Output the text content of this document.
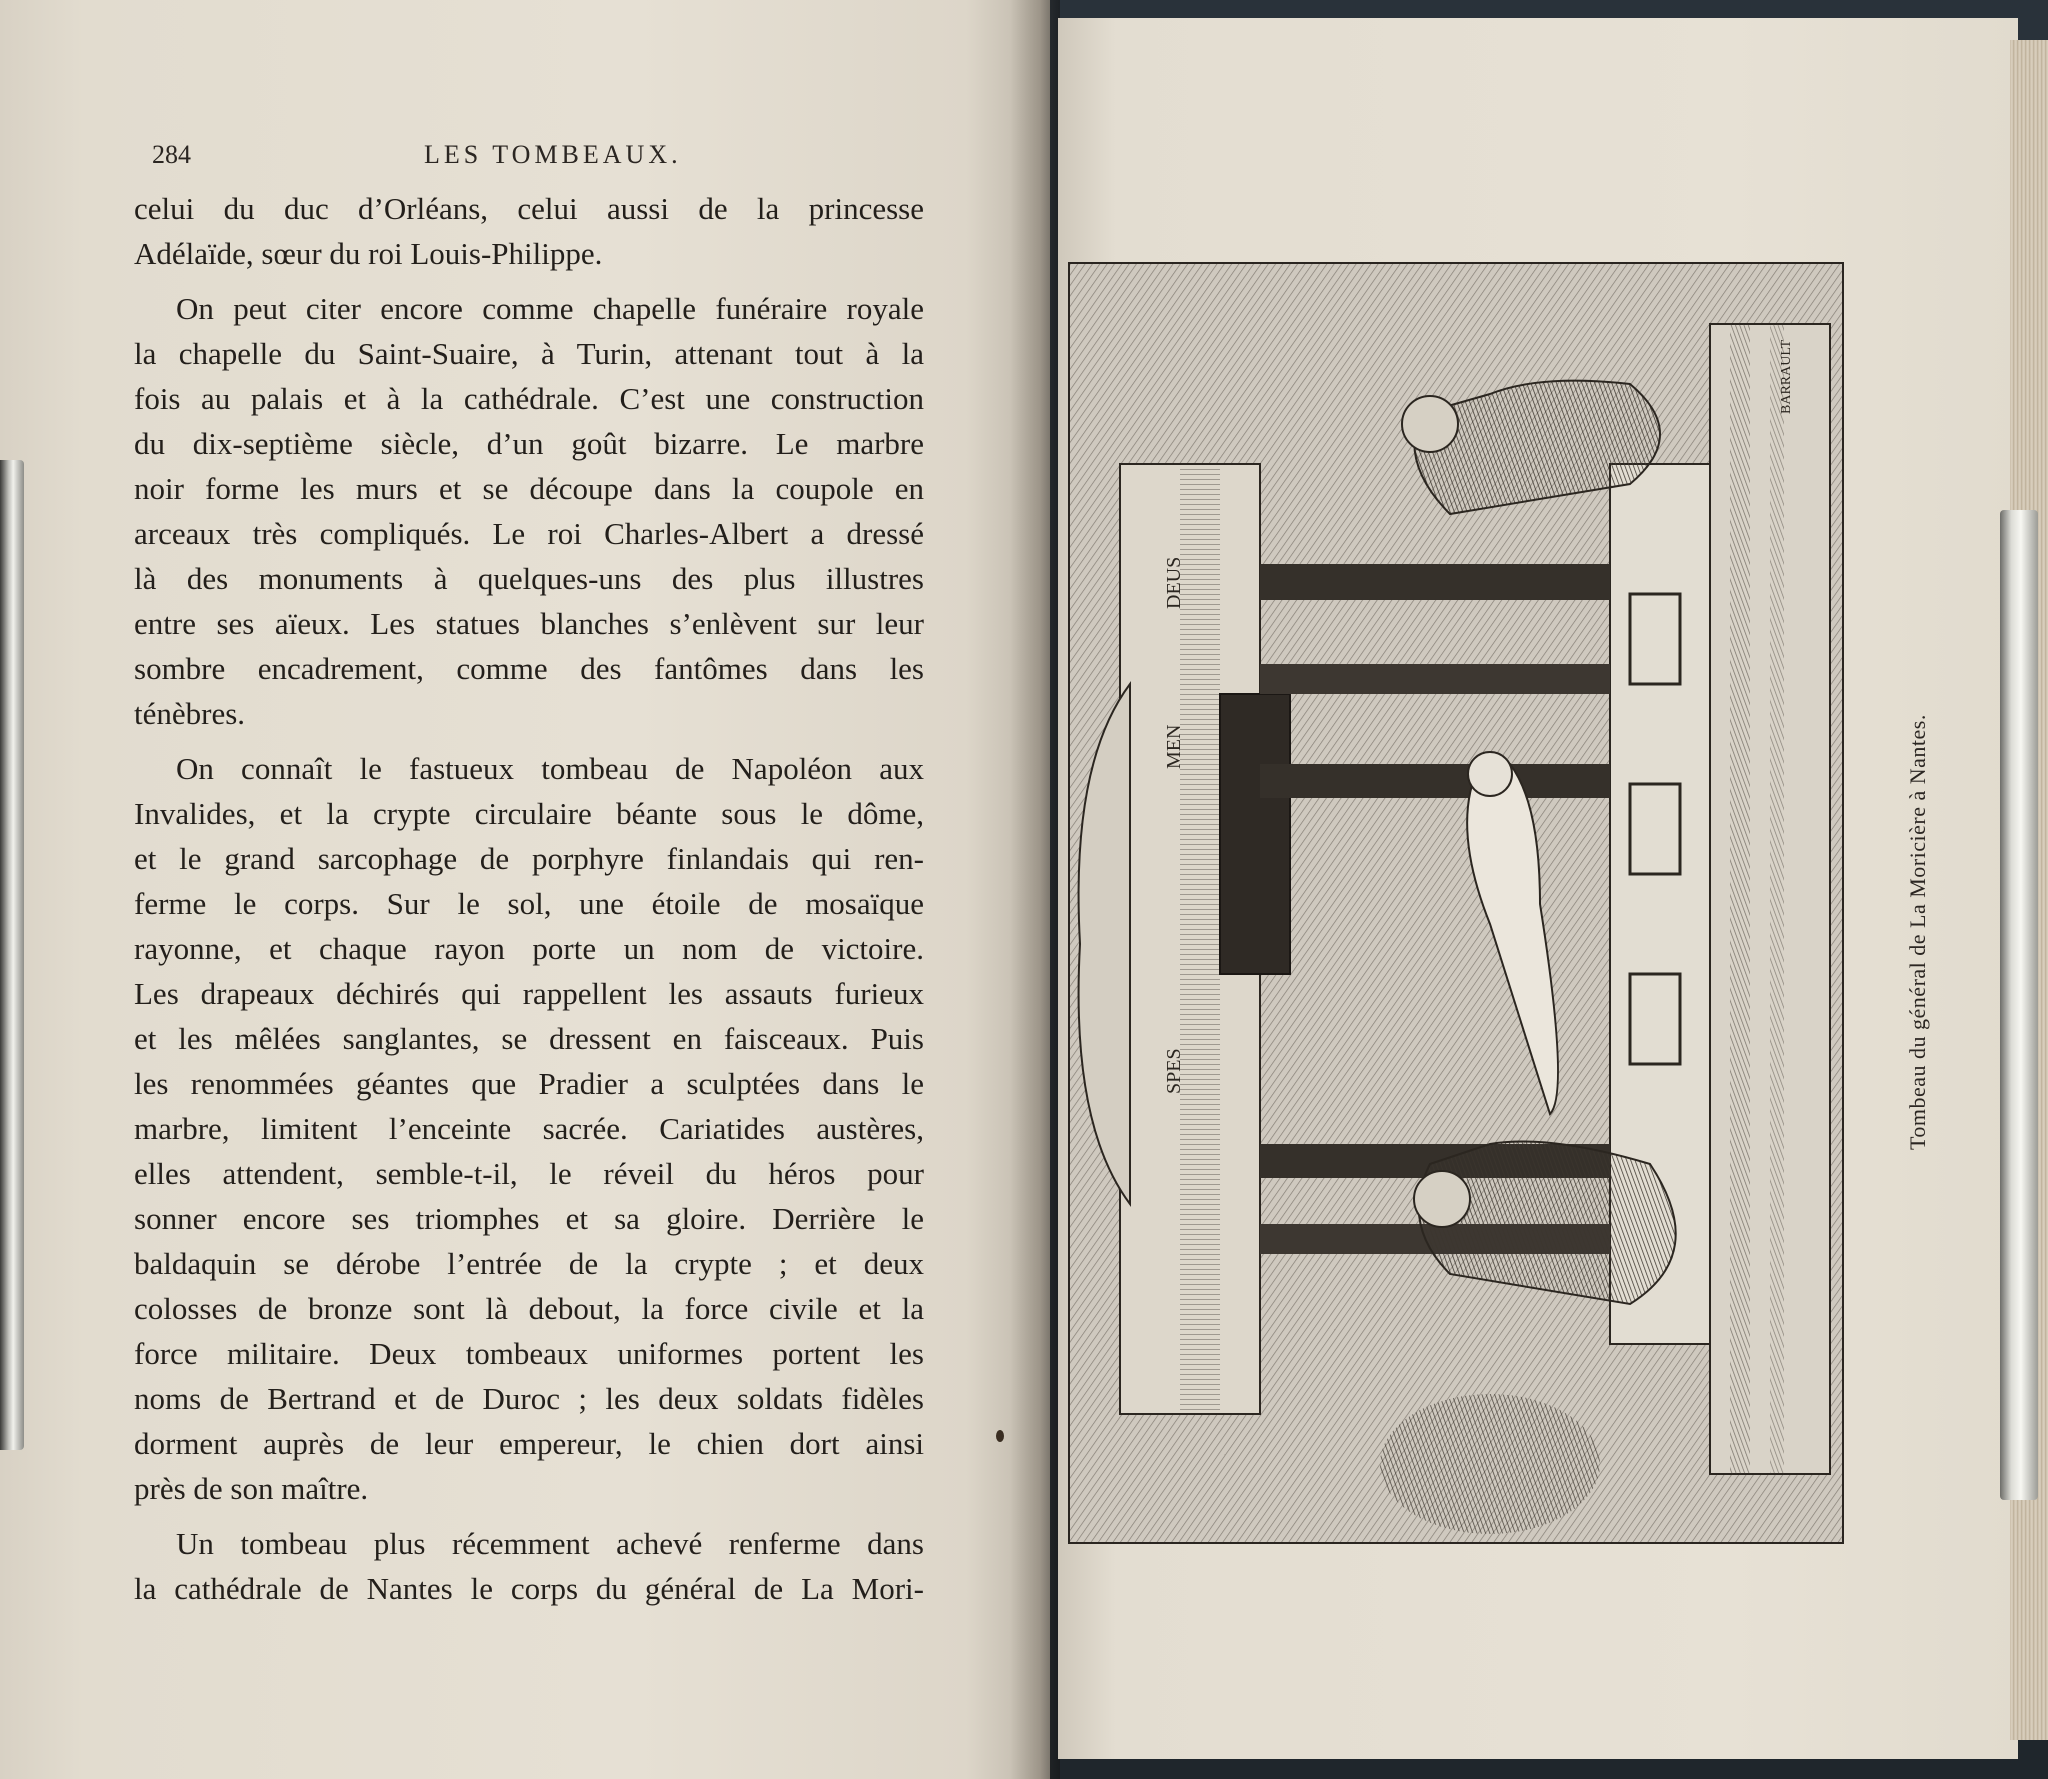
284	LES TOMBEAUX.
celui du duc d’Orléans, celui aussi de la princesse
Adélaïde, sœur du roi Louis-Philippe.
On peut citer encore comme chapelle funéraire royale
la chapelle du Saint-Suaire, à Turin, attenant tout à la
fois au palais et à la cathédrale. C’est une construction
du dix-septième siècle, d’un goût bizarre. Le marbre
noir forme les murs et se découpe dans la coupole en
arceaux très compliqués. Le roi Charles-Albert a dressé
là des monuments à quelques-uns des plus illustres
entre ses aïeux. Les statues blanches s’enlèvent sur leur
sombre encadrement, comme des fantômes dans les
ténèbres.
On connaît le fastueux tombeau de Napoléon aux
Invalides, et la crypte circulaire béante sous le dôme,
et le grand sarcophage de porphyre finlandais qui ren-
ferme le corps. Sur le sol, une étoile de mosaïque
rayonne, et chaque rayon porte un nom de victoire.
Les drapeaux déchirés qui rappellent les assauts furieux
et les mêlées sanglantes, se dressent en faisceaux. Puis
les renommées géantes que Pradier a sculptées dans le
marbre, limitent l’enceinte sacrée. Cariatides austères,
elles attendent, semble-t-il, le réveil du héros pour
sonner encore ses triomphes et sa gloire. Derrière le
baldaquin se dérobe l’entrée de la crypte ; et deux
colosses de bronze sont là debout, la force civile et la
force militaire. Deux tombeaux uniformes portent les
noms de Bertrand et de Duroc ; les deux soldats fidèles
dorment auprès de leur empereur, le chien dort ainsi
près de son maître.
Un tombeau plus récemment achevé renferme dans
la cathédrale de Nantes le corps du général de La Mori-
DEUS
MEN
SPES
BARRAULT
Tombeau du général de La Moricière à Nantes.
